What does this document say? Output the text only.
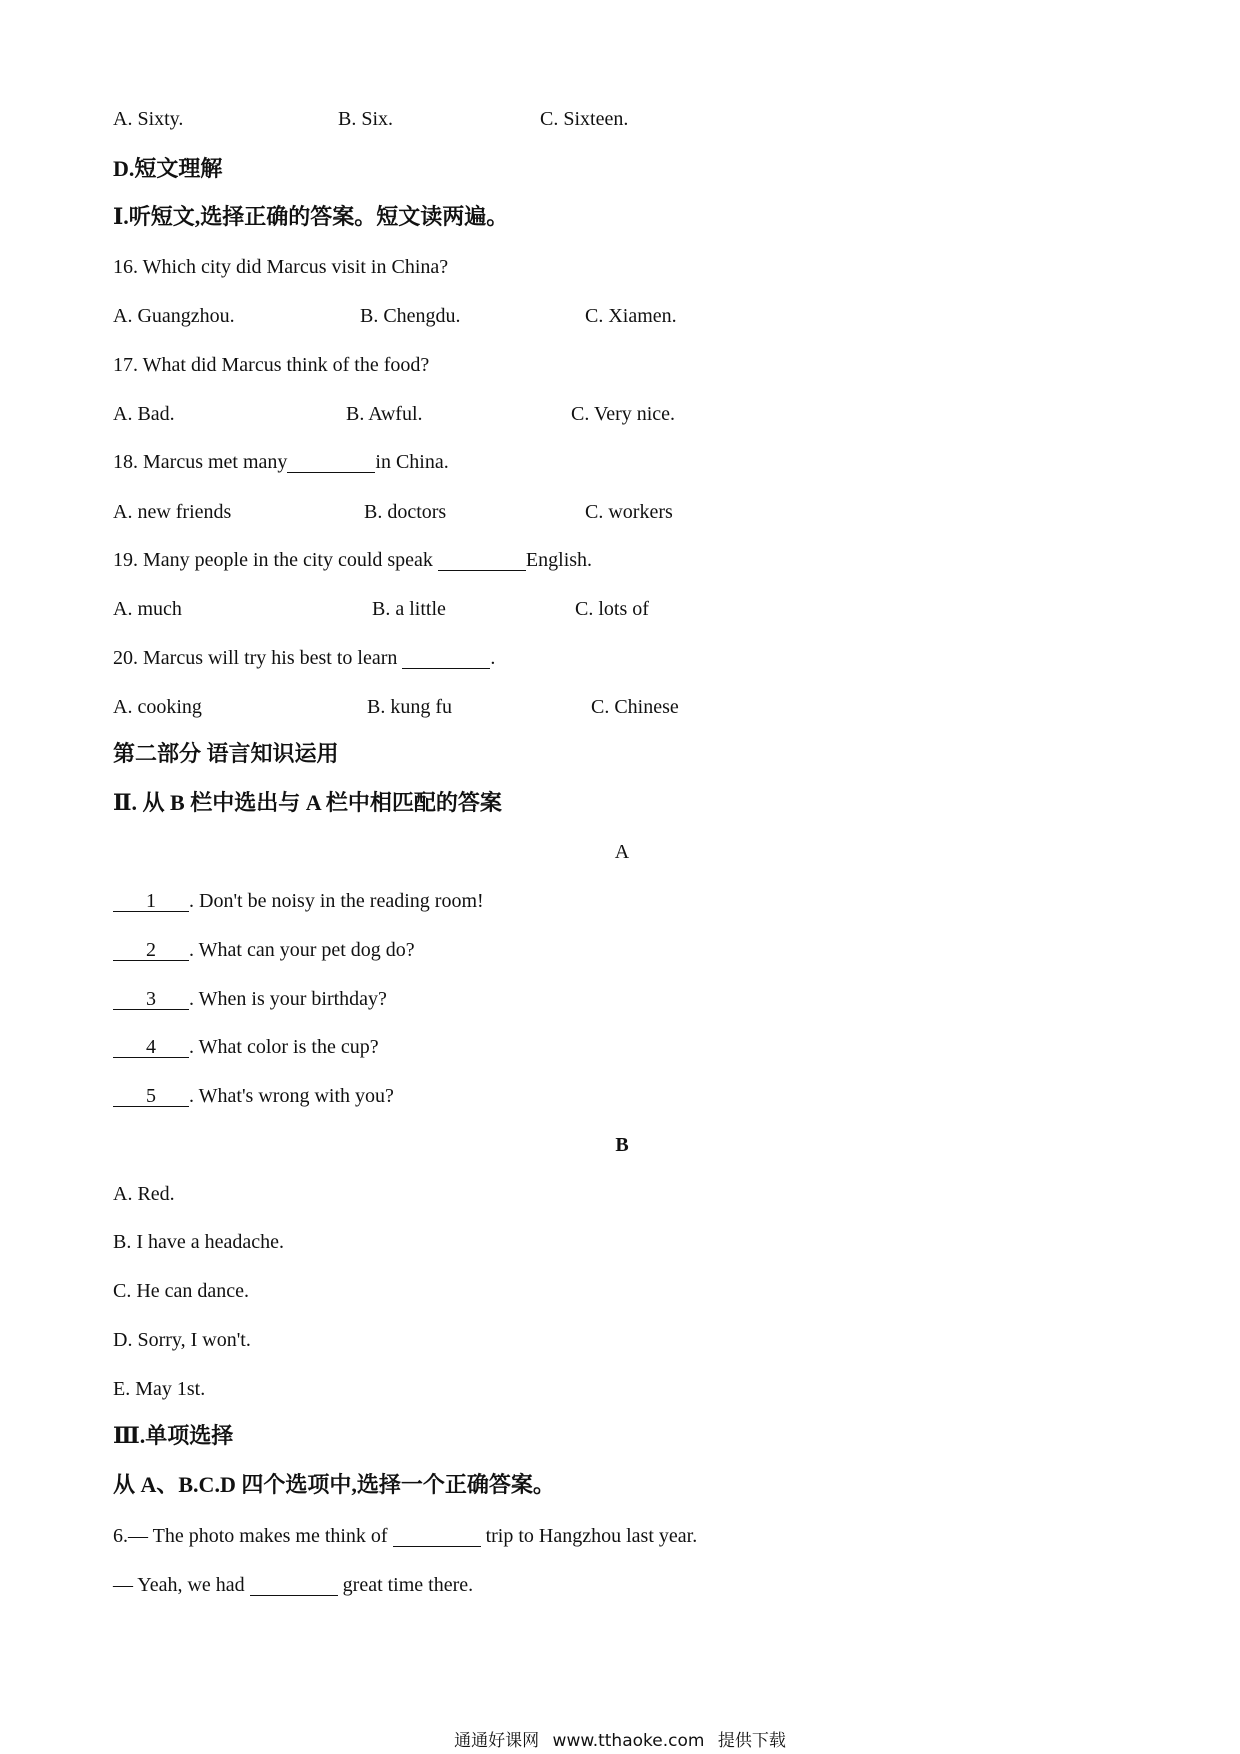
A. Sixty.	B. Six.	C. Sixteen.
D.短文理解
Ⅰ.听短文,选择正确的答案。短文读两遍。
16. Which city did Marcus visit in China?
A. Guangzhou.	B. Chengdu.	C. Xiamen.
17. What did Marcus think of the food?
A. Bad.	B. Awful.	C. Very nice.
18. Marcus met many	in China.
A. new friends	B. doctors	C. workers
19. Many people in the city could speak	English.
A. much	B. a little	C. lots of
20. Marcus will try his best to learn	.
A. cooking	B. kung fu	C. Chinese
第二部分 语言知识运用
Ⅱ. 从 B 栏中选出与 A 栏中相匹配的答案
A
1 . Don't be noisy in the reading room!
2 . What can your pet dog do?
3 . When is your birthday?
4 . What color is the cup?
5 . What's wrong with you?
B
A. Red.
B. I have a headache.
C. He can dance.
D. Sorry, I won't.
E. May 1st.
Ⅲ.单项选择
从 A、B.C.D 四个选项中,选择一个正确答案。
6.— The photo makes me think of	trip to Hangzhou last year.
— Yeah, we had	great time there.
通通好课网 www.tthaoke.com 提供下载
